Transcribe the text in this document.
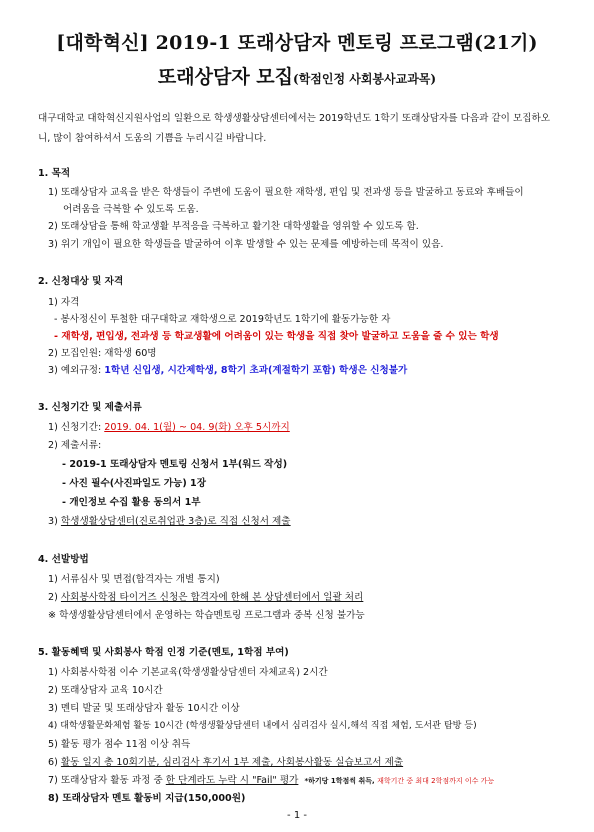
[대학혁신] 2019-1 또래상담자 멘토링 프로그램(21기)
또래상담자 모집(학점인정 사회봉사교과목)
대구대학교 대학혁신지원사업의 일환으로 학생생활상담센터에서는 2019학년도 1학기 또래상담자를 다음과 같이 모집하오니, 많이 참여하셔서 도움의 기쁨을 누리시길 바랍니다.
1. 목적
1) 또래상담자 교육을 받은 학생들이 주변에 도움이 필요한 재학생, 편입 및 전과생 등을 발굴하고 동료와 후배들이
어려움을 극복할 수 있도록 도움.
2) 또래상담을 통해 학교생활 부적응을 극복하고 활기찬 대학생활을 영위할 수 있도록 함.
3) 위기 개입이 필요한 학생들을 발굴하여 이후 발생할 수 있는 문제를 예방하는데 목적이 있음.
2. 신청대상 및 자격
1) 자격
- 봉사정신이 투철한 대구대학교 재학생으로 2019학년도 1학기에 활동가능한 자
- 재학생, 편입생, 전과생 등 학교생활에 어려움이 있는 학생을 직접 찾아 발굴하고 도움을 줄 수 있는 학생
2) 모집인원: 재학생 60명
3) 예외규정: 1학년 신입생, 시간제학생, 8학기 초과(계절학기 포함) 학생은 신청불가
3. 신청기간 및 제출서류
1) 신청기간: 2019. 04. 1(월) ~ 04. 9(화) 오후 5시까지
2) 제출서류:
- 2019-1 또래상담자 멘토링 신청서 1부(워드 작성)
- 사진 필수(사진파일도 가능) 1장
- 개인정보 수집 활용 동의서 1부
3) 학생생활상담센터(진로취업관 3층)로 직접 신청서 제출
4. 선발방법
1) 서류심사 및 면접(합격자는 개별 통지)
2) 사회봉사학점 타이거즈 신청은 합격자에 한해 본 상담센터에서 일괄 처리
※ 학생생활상담센터에서 운영하는 학습멘토링 프로그램과 중복 신청 불가능
5. 활동혜택 및 사회봉사 학점 인정 기준(멘토, 1학점 부여)
1) 사회봉사학점 이수 기본교육(학생생활상담센터 자체교육) 2시간
2) 또래상담자 교육 10시간
3) 멘티 발굴 및 또래상담자 활동 10시간 이상
4) 대학생활문화체험 활동 10시간 (학생생활상담센터 내에서 심리검사 실시,해석 직접 체험, 도서관 탐방 등)
5) 활동 평가 점수 11점 이상 취득
6) 활동 일지 총 10회기분, 심리검사 후기서 1부 제출, 사회봉사활동 실습보고서 제출
7) 또래상담자 활동 과정 중 한 단계라도 누락 시 "Fail" 평가 *하기당 1학점씩 취득, 재학기간 중 최대 2학점까지 이수 가능
8) 또래상담자 멘토 활동비 지급(150,000원)
- 1 -
